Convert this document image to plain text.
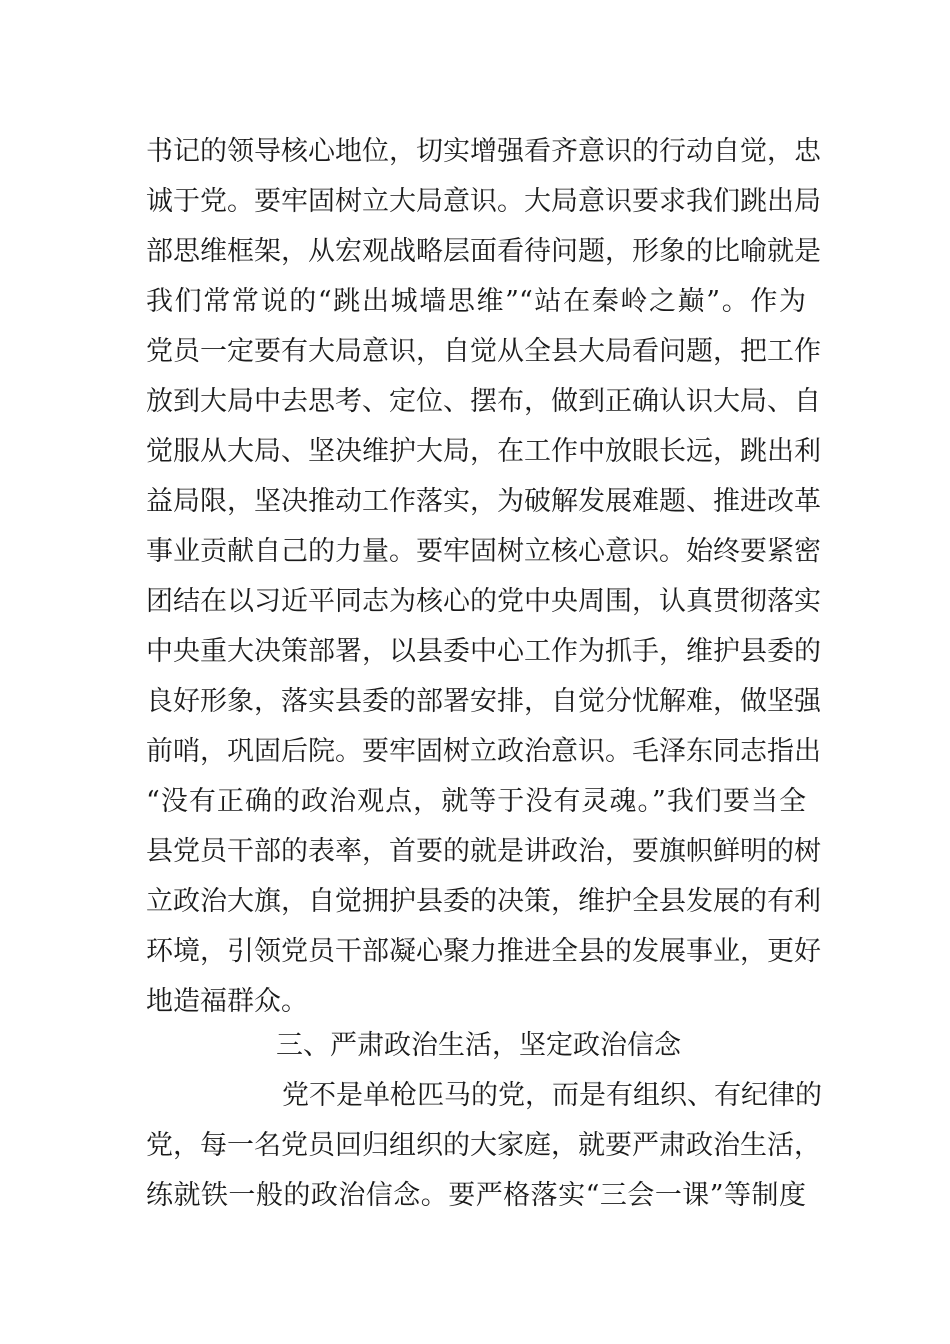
书记的领导核心地位，切实增强看齐意识的行动自觉，忠
诚于党。要牢固树立大局意识。大局意识要求我们跳出局
部思维框架，从宏观战略层面看待问题，形象的比喻就是
我们常常说的“跳出城墙思维”“站在秦岭之巅”。作为
党员一定要有大局意识，自觉从全县大局看问题，把工作
放到大局中去思考、定位、摆布，做到正确认识大局、自
觉服从大局、坚决维护大局，在工作中放眼长远，跳出利
益局限，坚决推动工作落实，为破解发展难题、推进改革
事业贡献自己的力量。要牢固树立核心意识。始终要紧密
团结在以习近平同志为核心的党中央周围，认真贯彻落实
中央重大决策部署，以县委中心工作为抓手，维护县委的
良好形象，落实县委的部署安排，自觉分忧解难，做坚强
前哨，巩固后院。要牢固树立政治意识。毛泽东同志指出
“没有正确的政治观点，就等于没有灵魂。”我们要当全
县党员干部的表率，首要的就是讲政治，要旗帜鲜明的树
立政治大旗，自觉拥护县委的决策，维护全县发展的有利
环境，引领党员干部凝心聚力推进全县的发展事业，更好
地造福群众。
三、严肃政治生活，坚定政治信念
党不是单枪匹马的党，而是有组织、有纪律的
党，每一名党员回归组织的大家庭，就要严肃政治生活，
练就铁一般的政治信念。要严格落实“三会一课”等制度
